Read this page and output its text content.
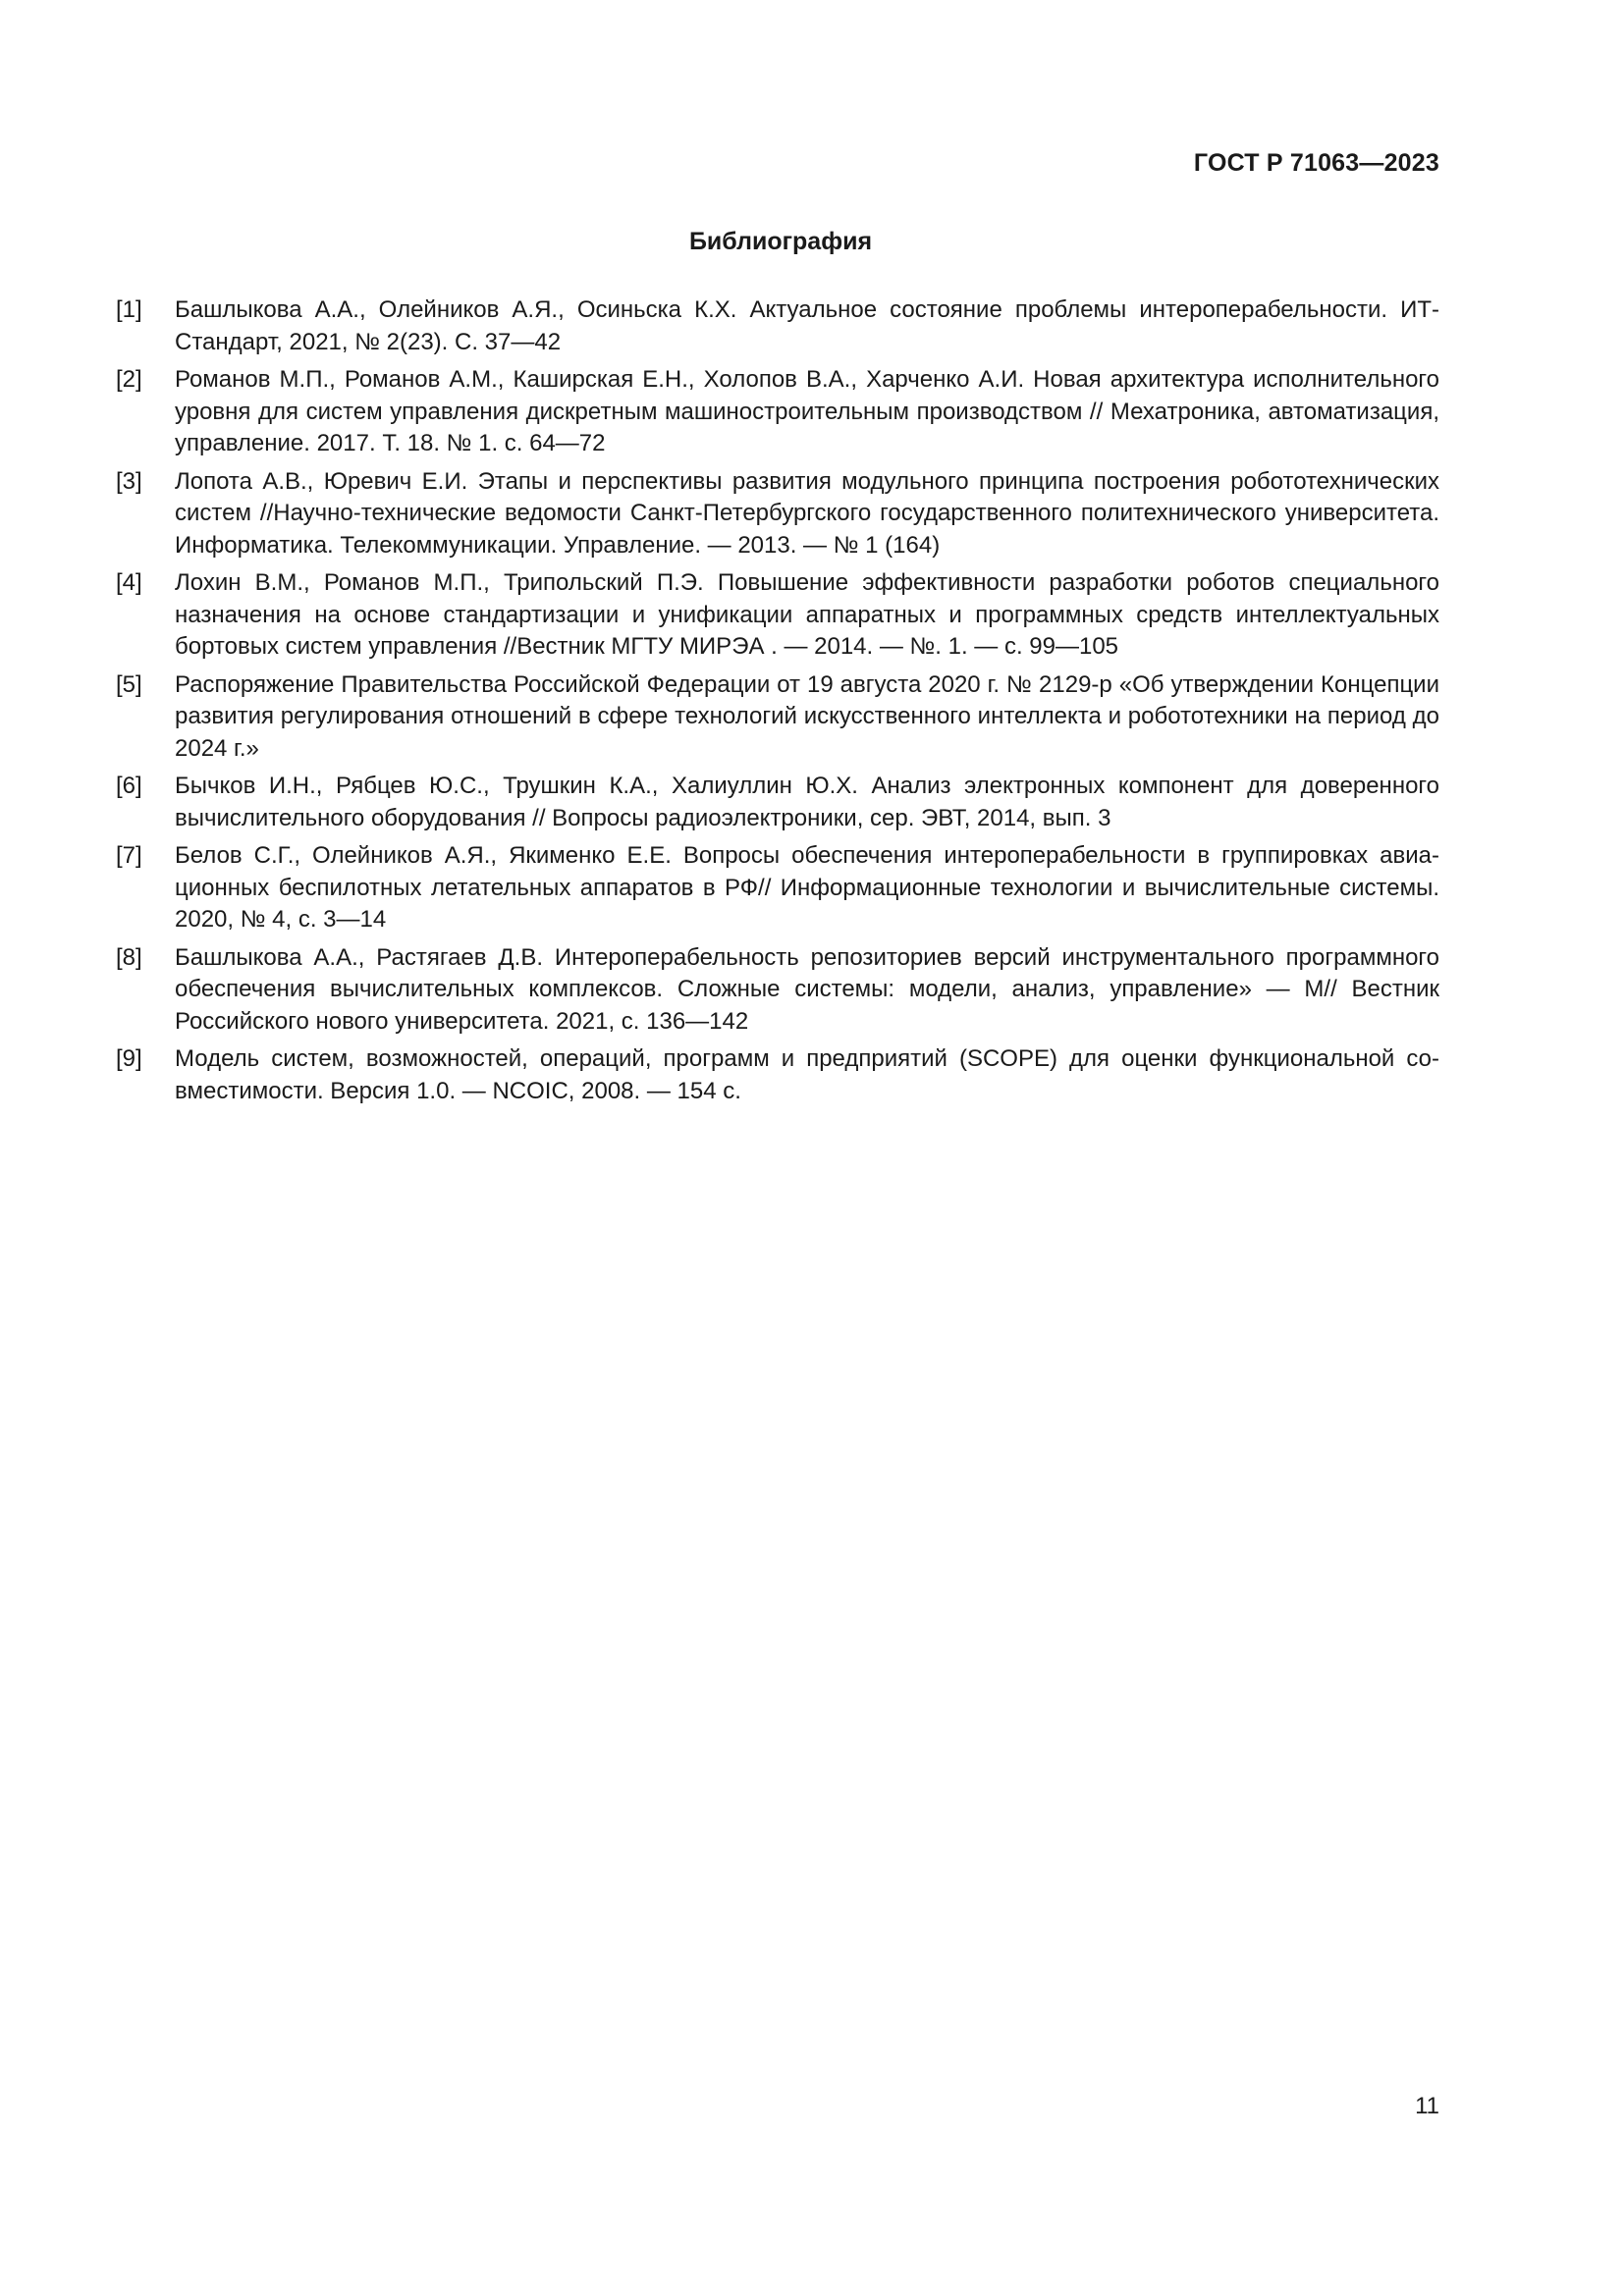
ГОСТ Р 71063—2023
Библиография
[1]	Башлыкова А.А., Олейников А.Я., Осиньска К.Х. Актуальное состояние проблемы интероперабельности. ИТ-Стандарт, 2021, № 2(23). С. 37—42
[2]	Романов М.П., Романов А.М., Каширская Е.Н., Холопов В.А., Харченко А.И. Новая архитектура исполнительного уровня для систем управления дискретным машиностроительным производством // Мехатроника, автоматизация, управление. 2017. Т. 18. № 1. с. 64—72
[3]	Лопота А.В., Юревич Е.И. Этапы и перспективы развития модульного принципа построения робототехнических систем //Научно-технические ведомости Санкт-Петербургского государственного политехнического университета. Информатика. Телекоммуникации. Управление. — 2013. — № 1 (164)
[4]	Лохин В.М., Романов М.П., Трипольский П.Э. Повышение эффективности разработки роботов специального назначения на основе стандартизации и унификации аппаратных и программных средств интеллектуальных бортовых систем управления //Вестник МГТУ МИРЭА . — 2014. — №. 1. — с. 99—105
[5]	Распоряжение Правительства Российской Федерации от 19 августа 2020 г. № 2129-р «Об утверждении Концепции развития регулирования отношений в сфере технологий искусственного интеллекта и робототехники на период до 2024 г.»
[6]	Бычков И.Н., Рябцев Ю.С., Трушкин К.А., Халиуллин Ю.Х. Анализ электронных компонент для доверенного вычислительного оборудования // Вопросы радиоэлектроники, сер. ЭВТ, 2014, вып. 3
[7]	Белов С.Г., Олейников А.Я., Якименко Е.Е. Вопросы обеспечения интероперабельности в группировках авиационных беспилотных летательных аппаратов в РФ// Информационные технологии и вычислительные системы. 2020, № 4, с. 3—14
[8]	Башлыкова А.А., Растягаев Д.В. Интероперабельность репозиториев версий инструментального программного обеспечения вычислительных комплексов. Сложные системы: модели, анализ, управление» — М// Вестник Российского нового университета. 2021, с. 136—142
[9]	Модель систем, возможностей, операций, программ и предприятий (SCOPE) для оценки функциональной совместимости. Версия 1.0. — NCOIC, 2008. — 154 с.
11
